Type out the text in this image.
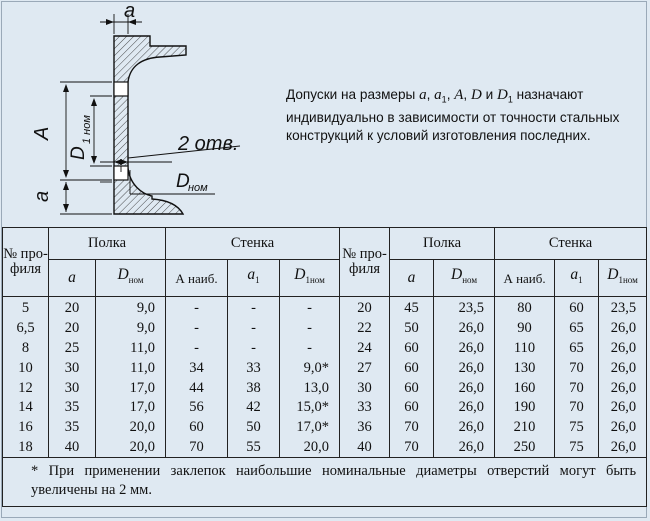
a
A
D
1 ном	2 отв.
D
ном
a
Допуски на размеры a, $a_1$, A, D и $D_1$ назначают индивидуально в зависимости от точности стальных конструкций к условий изготовления последних.
№ про-филя	Полка		Стенка			№ про-филя	Полка		Стенка		
	a	$D_{ном}$	А наиб.	$a_1$	$D_{1ном}$		a	$D_{ном}$	А наиб.	$a_1$	$D_{1ном}$
5	20	9,0	-	-	-	20	45	23,5	80	60	23,5
6,5	20	9,0	-	-	-	22	50	26,0	90	65	26,0
8	25	11,0	-	-	-	24	60	26,0	110	65	26,0
10	30	11,0	34	33	9,0*	27	60	26,0	130	70	26,0
12	30	17,0	44	38	13,0	30	60	26,0	160	70	26,0
14	35	17,0	56	42	15,0*	33	60	26,0	190	70	26,0
16	35	20,0	60	50	17,0*	36	70	26,0	210	75	26,0
18	40	20,0	70	55	20,0	40	70	26,0	250	75	26,0
* При применении заклепок наибольшие номинальные диаметры отверстий могут быть увеличены на 2 мм.											
